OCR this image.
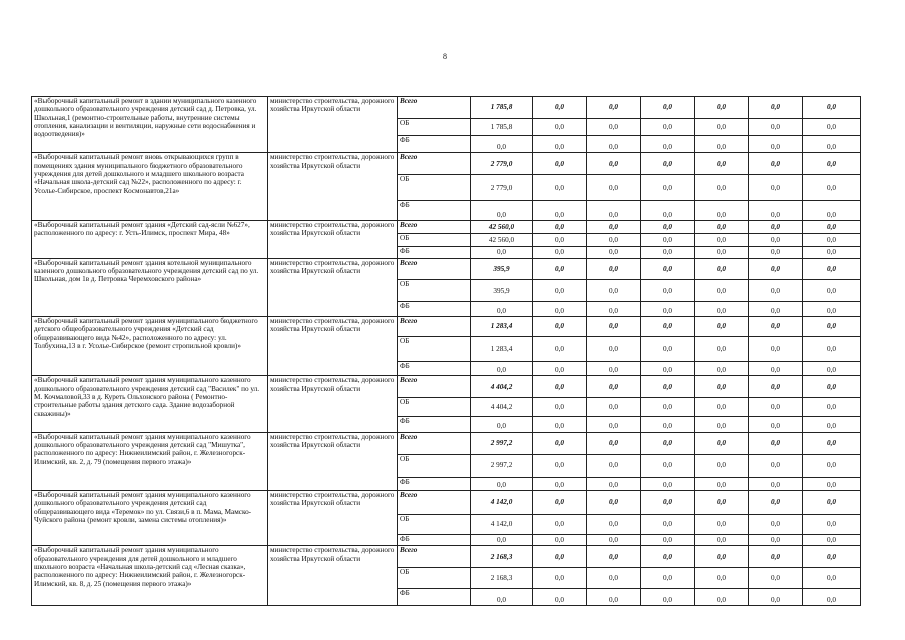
8
«Выборочный капитальный ремонт в здании муниципального казенного дошкольного образовательного учреждения детский сад д. Петровка, ул. Школьная,1 (ремонтно-строительные работы, внутренние системы отопления, канализации и вентиляции, наружные сети водоснабжения и водоотведения)»	министерство строительства, дорожного хозяйства Иркутской области	Всего	1 785,8	0,0	0,0	0,0	0,0	0,0	0,0
		ОБ	1 785,8	0,0	0,0	0,0	0,0	0,0	0,0
		ФБ	0,0	0,0	0,0	0,0	0,0	0,0	0,0
«Выборочный капитальный ремонт вновь открывающихся групп в помещениях здания муниципального бюджетного образовательного учреждения для детей дошкольного и младшего школьного возраста «Начальная школа-детский сад №22», расположенного по адресу: г. Усолье-Сибирское, проспект Космонавтов,21а»	министерство строительства, дорожного хозяйства Иркутской области	Всего	2 779,0	0,0	0,0	0,0	0,0	0,0	0,0
		ОБ	2 779,0	0,0	0,0	0,0	0,0	0,0	0,0
		ФБ	0,0	0,0	0,0	0,0	0,0	0,0	0,0
«Выборочный капитальный ремонт здания «Детский сад-ясли №627», расположенного по адресу: г. Усть-Илимск, проспект Мира, 48»	министерство строительства, дорожного хозяйства Иркутской области	Всего	42 560,0	0,0	0,0	0,0	0,0	0,0	0,0
		ОБ	42 560,0	0,0	0,0	0,0	0,0	0,0	0,0
		ФБ	0,0	0,0	0,0	0,0	0,0	0,0	0,0
«Выборочный капитальный ремонт здания котельной муниципального казенного дошкольного образовательного учреждения детский сад по ул. Школьная, дом 1в д. Петровка Черемховского района»	министерство строительства, дорожного хозяйства Иркутской области	Всего	395,9	0,0	0,0	0,0	0,0	0,0	0,0
		ОБ	395,9	0,0	0,0	0,0	0,0	0,0	0,0
		ФБ	0,0	0,0	0,0	0,0	0,0	0,0	0,0
«Выборочный капитальный ремонт здания муниципального бюджетного детского общеобразовательного учреждения «Детский сад общеразвивающего вида №42», расположенного по адресу: ул. Толбухина,13 в г. Усолье-Сибирское (ремонт стропильной кровли)»	министерство строительства, дорожного хозяйства Иркутской области	Всего	1 283,4	0,0	0,0	0,0	0,0	0,0	0,0
		ОБ	1 283,4	0,0	0,0	0,0	0,0	0,0	0,0
		ФБ	0,0	0,0	0,0	0,0	0,0	0,0	0,0
«Выборочный капитальный ремонт здания муниципального казенного дошкольного образовательного учреждения детский сад "Василек" по ул. М. Кочмаловой,33 в д. Куреть Ольхонского района ( Ремонтно-строительные работы здания детского сада. Здание водозаборной скважины)»	министерство строительства, дорожного хозяйства Иркутской области	Всего	4 404,2	0,0	0,0	0,0	0,0	0,0	0,0
		ОБ	4 404,2	0,0	0,0	0,0	0,0	0,0	0,0
		ФБ	0,0	0,0	0,0	0,0	0,0	0,0	0,0
«Выборочный капитальный ремонт здания муниципального казенного дошкольного образовательного учреждения детский сад "Мишутка", расположенного по адресу: Нижнеилимский район, г. Железногорск-Илимский, кв. 2, д. 79 (помещения первого этажа)»	министерство строительства, дорожного хозяйства Иркутской области	Всего	2 997,2	0,0	0,0	0,0	0,0	0,0	0,0
		ОБ	2 997,2	0,0	0,0	0,0	0,0	0,0	0,0
		ФБ	0,0	0,0	0,0	0,0	0,0	0,0	0,0
«Выборочный капитальный ремонт здания муниципального казенного дошкольного образовательного учреждения детский сад общеразвивающего вида «Теремок» по ул. Связи,6 в п. Мама, Мамско-Чуйского района (ремонт кровли, замена системы отопления)»	министерство строительства, дорожного хозяйства Иркутской области	Всего	4 142,0	0,0	0,0	0,0	0,0	0,0	0,0
		ОБ	4 142,0	0,0	0,0	0,0	0,0	0,0	0,0
		ФБ	0,0	0,0	0,0	0,0	0,0	0,0	0,0
«Выборочный капитальный ремонт здания муниципального образовательного учреждения для детей дошкольного и младшего школьного возраста «Начальная школа-детский сад «Лесная сказка», расположенного по адресу: Нижнеилимский район, г. Железногорск-Илимский, кв. 8, д. 25 (помещения первого этажа)»	министерство строительства, дорожного хозяйства Иркутской области	Всего	2 168,3	0,0	0,0	0,0	0,0	0,0	0,0
		ОБ	2 168,3	0,0	0,0	0,0	0,0	0,0	0,0
		ФБ	0,0	0,0	0,0	0,0	0,0	0,0	0,0
